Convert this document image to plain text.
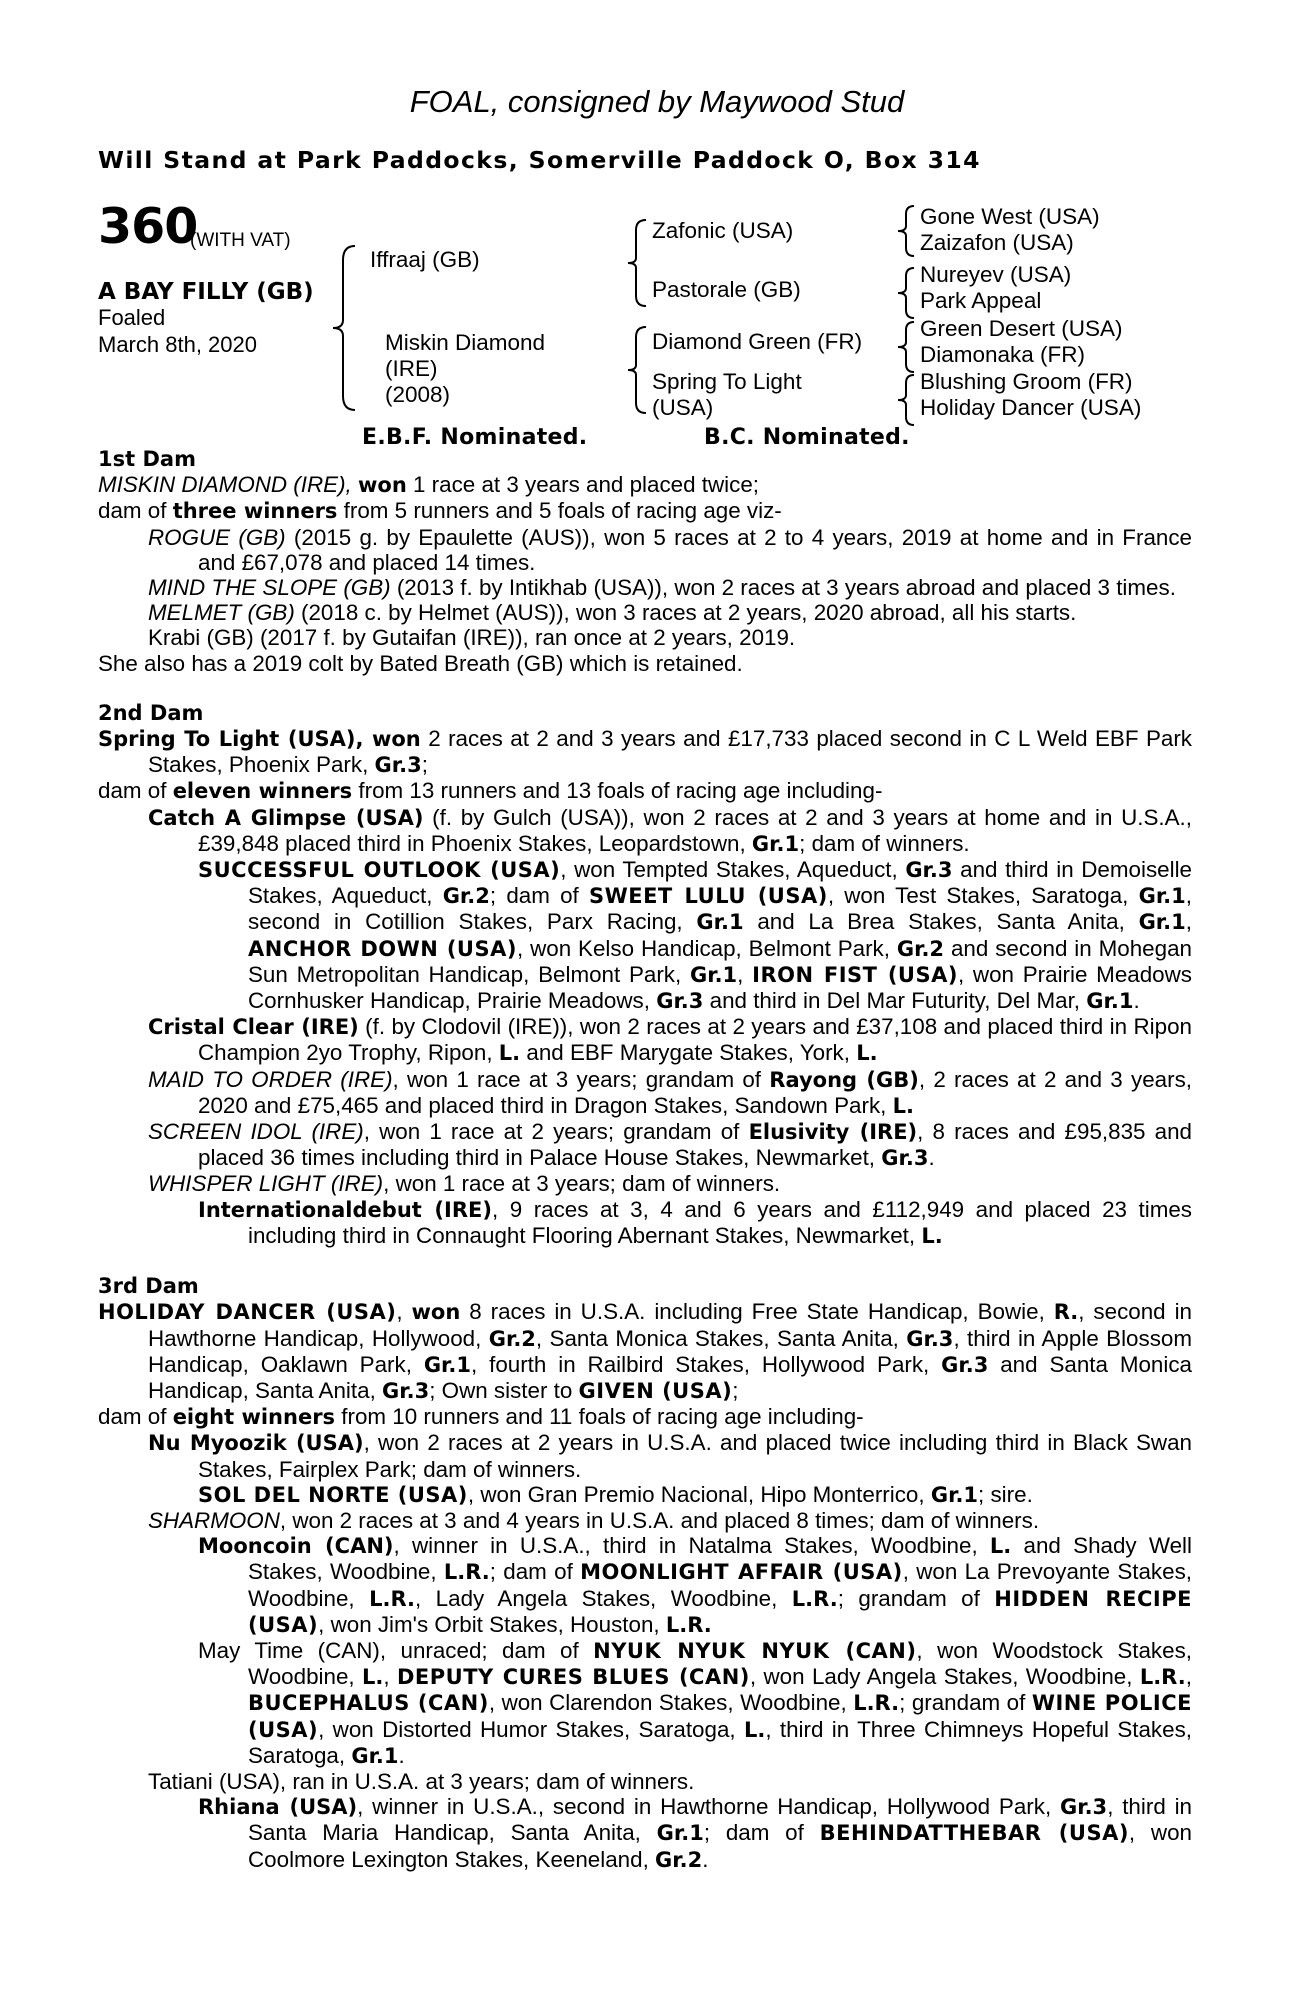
FOAL, consigned by Maywood Stud
Will Stand at Park Paddocks, Somerville Paddock O, Box 314
360
(WITH VAT)
A BAY FILLY (GB)
Foaled
March 8th, 2020
Iffraaj (GB)
Miskin Diamond
(IRE)
(2008)
Zafonic (USA)
Pastorale (GB)
Diamond Green (FR)
Spring To Light
(USA)
Gone West (USA)
Zaizafon (USA)
Nureyev (USA)
Park Appeal
Green Desert (USA)
Diamonaka (FR)
Blushing Groom (FR)
Holiday Dancer (USA)
E.B.F. Nominated.	B.C. Nominated.
1st Dam
MISKIN DIAMOND (IRE), won 1 race at 3 years and placed twice;
dam of three winners from 5 runners and 5 foals of racing age viz-
ROGUE (GB) (2015 g. by Epaulette (AUS)), won 5 races at 2 to 4 years, 2019 at home and in France and £67,078 and placed 14 times.
MIND THE SLOPE (GB) (2013 f. by Intikhab (USA)), won 2 races at 3 years abroad and placed 3 times.
MELMET (GB) (2018 c. by Helmet (AUS)), won 3 races at 2 years, 2020 abroad, all his starts.
Krabi (GB) (2017 f. by Gutaifan (IRE)), ran once at 2 years, 2019.
She also has a 2019 colt by Bated Breath (GB) which is retained.
2nd Dam
Spring To Light (USA), won 2 races at 2 and 3 years and £17,733 placed second in C L Weld EBF Park Stakes, Phoenix Park, Gr.3;
dam of eleven winners from 13 runners and 13 foals of racing age including-
Catch A Glimpse (USA) (f. by Gulch (USA)), won 2 races at 2 and 3 years at home and in U.S.A., £39,848 placed third in Phoenix Stakes, Leopardstown, Gr.1; dam of winners.
SUCCESSFUL OUTLOOK (USA), won Tempted Stakes, Aqueduct, Gr.3 and third in Demoiselle Stakes, Aqueduct, Gr.2; dam of SWEET LULU (USA), won Test Stakes, Saratoga, Gr.1, second in Cotillion Stakes, Parx Racing, Gr.1 and La Brea Stakes, Santa Anita, Gr.1, ANCHOR DOWN (USA), won Kelso Handicap, Belmont Park, Gr.2 and second in Mohegan Sun Metropolitan Handicap, Belmont Park, Gr.1, IRON FIST (USA), won Prairie Meadows Cornhusker Handicap, Prairie Meadows, Gr.3 and third in Del Mar Futurity, Del Mar, Gr.1.
Cristal Clear (IRE) (f. by Clodovil (IRE)), won 2 races at 2 years and £37,108 and placed third in Ripon Champion 2yo Trophy, Ripon, L. and EBF Marygate Stakes, York, L.
MAID TO ORDER (IRE), won 1 race at 3 years; grandam of Rayong (GB), 2 races at 2 and 3 years, 2020 and £75,465 and placed third in Dragon Stakes, Sandown Park, L.
SCREEN IDOL (IRE), won 1 race at 2 years; grandam of Elusivity (IRE), 8 races and £95,835 and placed 36 times including third in Palace House Stakes, Newmarket, Gr.3.
WHISPER LIGHT (IRE), won 1 race at 3 years; dam of winners.
Internationaldebut (IRE), 9 races at 3, 4 and 6 years and £112,949 and placed 23 times including third in Connaught Flooring Abernant Stakes, Newmarket, L.
3rd Dam
HOLIDAY DANCER (USA), won 8 races in U.S.A. including Free State Handicap, Bowie, R., second in Hawthorne Handicap, Hollywood, Gr.2, Santa Monica Stakes, Santa Anita, Gr.3, third in Apple Blossom Handicap, Oaklawn Park, Gr.1, fourth in Railbird Stakes, Hollywood Park, Gr.3 and Santa Monica Handicap, Santa Anita, Gr.3; Own sister to GIVEN (USA);
dam of eight winners from 10 runners and 11 foals of racing age including-
Nu Myoozik (USA), won 2 races at 2 years in U.S.A. and placed twice including third in Black Swan Stakes, Fairplex Park; dam of winners.
SOL DEL NORTE (USA), won Gran Premio Nacional, Hipo Monterrico, Gr.1; sire.
SHARMOON, won 2 races at 3 and 4 years in U.S.A. and placed 8 times; dam of winners.
Mooncoin (CAN), winner in U.S.A., third in Natalma Stakes, Woodbine, L. and Shady Well Stakes, Woodbine, L.R.; dam of MOONLIGHT AFFAIR (USA), won La Prevoyante Stakes, Woodbine, L.R., Lady Angela Stakes, Woodbine, L.R.; grandam of HIDDEN RECIPE (USA), won Jim's Orbit Stakes, Houston, L.R.
May Time (CAN), unraced; dam of NYUK NYUK NYUK (CAN), won Woodstock Stakes, Woodbine, L., DEPUTY CURES BLUES (CAN), won Lady Angela Stakes, Woodbine, L.R., BUCEPHALUS (CAN), won Clarendon Stakes, Woodbine, L.R.; grandam of WINE POLICE (USA), won Distorted Humor Stakes, Saratoga, L., third in Three Chimneys Hopeful Stakes, Saratoga, Gr.1.
Tatiani (USA), ran in U.S.A. at 3 years; dam of winners.
Rhiana (USA), winner in U.S.A., second in Hawthorne Handicap, Hollywood Park, Gr.3, third in Santa Maria Handicap, Santa Anita, Gr.1; dam of BEHINDATTHEBAR (USA), won Coolmore Lexington Stakes, Keeneland, Gr.2.
